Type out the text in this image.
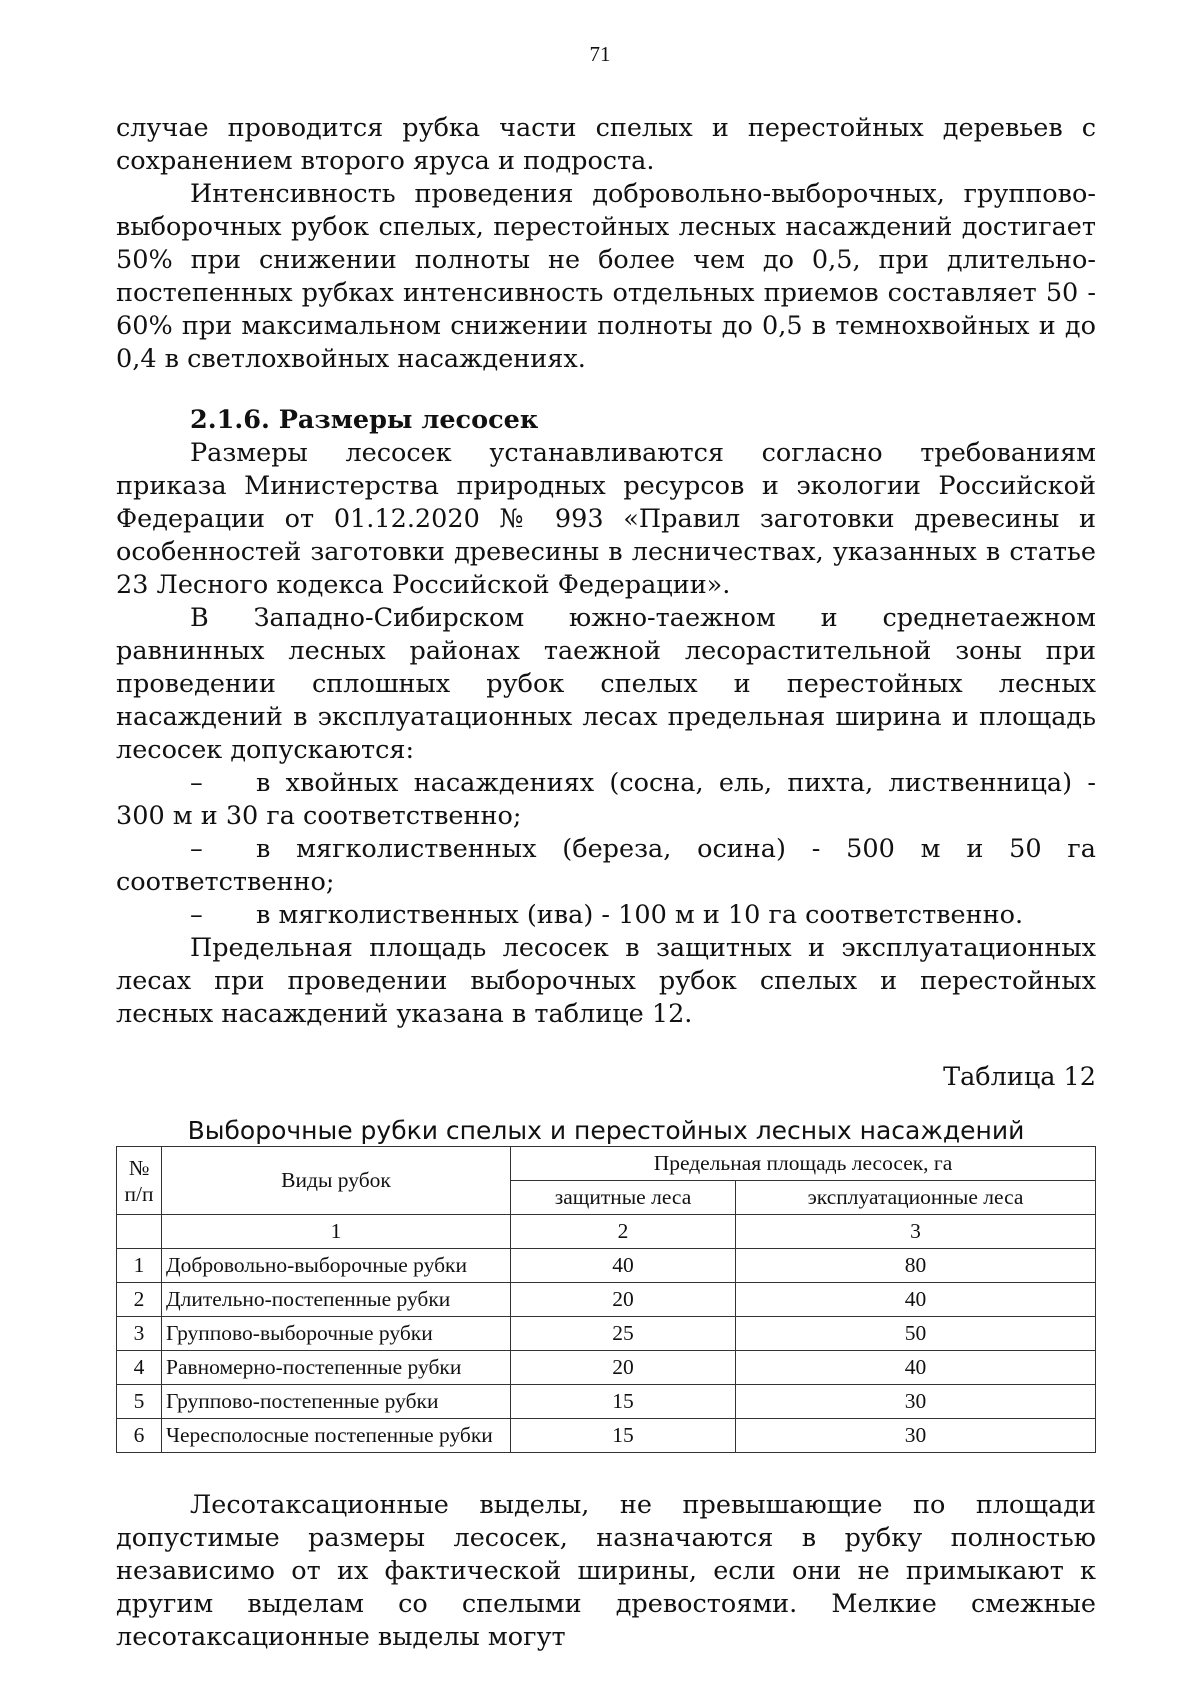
71

случае проводится рубка части спелых и перестойных деревьев с сохранением второго яруса и подроста.

Интенсивность проведения добровольно-выборочных, группово-выборочных рубок спелых, перестойных лесных насаждений достигает 50% при снижении полноты не более чем до 0,5, при длительно-постепенных рубках интенсивность отдельных приемов составляет 50 - 60% при максимальном снижении полноты до 0,5 в темнохвойных и до 0,4 в светлохвойных насаждениях.

2.1.6. Размеры лесосек

Размеры лесосек устанавливаются согласно требованиям приказа Министерства природных ресурсов и экологии Российской Федерации от 01.12.2020 № 993 «Правил заготовки древесины и особенностей заготовки древесины в лесничествах, указанных в статье 23 Лесного кодекса Российской Федерации».

В Западно-Сибирском южно-таежном и среднетаежном равнинных лесных районах таежной лесорастительной зоны при проведении сплошных рубок спелых и перестойных лесных насаждений в эксплуатационных лесах предельная ширина и площадь лесосек допускаются:

– в хвойных насаждениях (сосна, ель, пихта, лиственница) - 300 м и 30 га соответственно;

– в мягколиственных (береза, осина) - 500 м и 50 га соответственно;

– в мягколиственных (ива) - 100 м и 10 га соответственно.

Предельная площадь лесосек в защитных и эксплуатационных лесах при проведении выборочных рубок спелых и перестойных лесных насаждений указана в таблице 12.

Таблица 12

Выборочные рубки спелых и перестойных лесных насаждений

№ п/п	Виды рубок	Предельная площадь лесосек, га	
		защитные леса	эксплуатационные леса
	1	2	3
1	Добровольно-выборочные рубки	40	80
2	Длительно-постепенные рубки	20	40
3	Группово-выборочные рубки	25	50
4	Равномерно-постепенные рубки	20	40
5	Группово-постепенные рубки	15	30
6	Чересполосные постепенные рубки	15	30

Лесотаксационные выделы, не превышающие по площади допустимые размеры лесосек, назначаются в рубку полностью независимо от их фактической ширины, если они не примыкают к другим выделам со спелыми древостоями. Мелкие смежные лесотаксационные выделы могут
